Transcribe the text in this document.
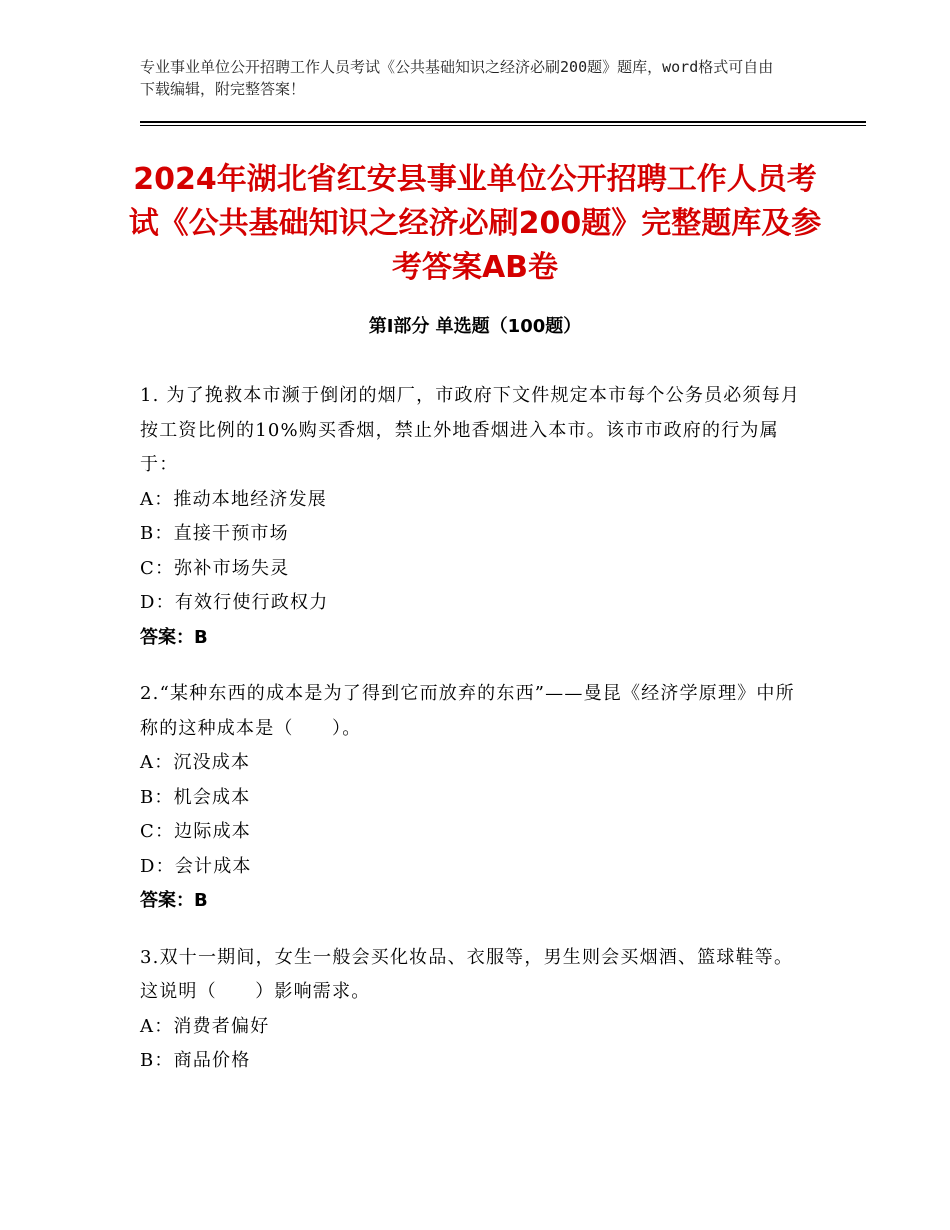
专业事业单位公开招聘工作人员考试《公共基础知识之经济必刷200题》题库，word格式可自由下载编辑，附完整答案！
2024年湖北省红安县事业单位公开招聘工作人员考试《公共基础知识之经济必刷200题》完整题库及参考答案AB卷
第Ⅰ部分 单选题（100题）
1. 为了挽救本市濒于倒闭的烟厂，市政府下文件规定本市每个公务员必须每月按工资比例的10%购买香烟，禁止外地香烟进入本市。该市市政府的行为属于：
A：推动本地经济发展
B：直接干预市场
C：弥补市场失灵
D：有效行使行政权力
答案：B
2.“某种东西的成本是为了得到它而放弃的东西”——曼昆《经济学原理》中所称的这种成本是（　　）。
A：沉没成本
B：机会成本
C：边际成本
D：会计成本
答案：B
3.双十一期间，女生一般会买化妆品、衣服等，男生则会买烟酒、篮球鞋等。这说明（　　）影响需求。
A：消费者偏好
B：商品价格
